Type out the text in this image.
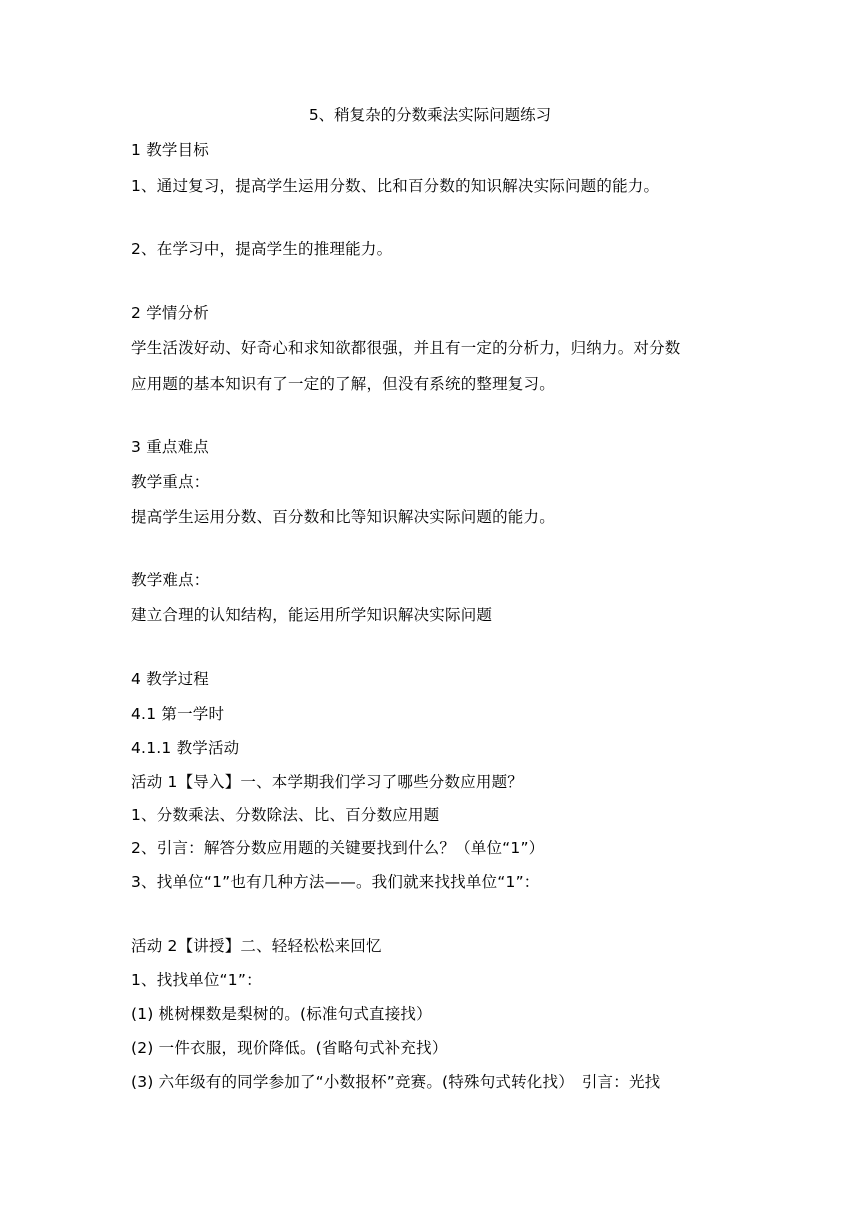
5、稍复杂的分数乘法实际问题练习
1 教学目标
1、通过复习，提高学生运用分数、比和百分数的知识解决实际问题的能力。
2、在学习中，提高学生的推理能力。
2 学情分析
学生活泼好动、好奇心和求知欲都很强，并且有一定的分析力，归纳力。对分数
应用题的基本知识有了一定的了解，但没有系统的整理复习。
3 重点难点
教学重点：
提高学生运用分数、百分数和比等知识解决实际问题的能力。
教学难点：
建立合理的认知结构，能运用所学知识解决实际问题
4 教学过程
4.1 第一学时
4.1.1 教学活动
活动 1【导入】一、本学期我们学习了哪些分数应用题？
1、分数乘法、分数除法、比、百分数应用题
2、引言：解答分数应用题的关键要找到什么？（单位“1”）
3、找单位“1”也有几种方法——。我们就来找找单位“1”：
活动 2【讲授】二、轻轻松松来回忆
1、找找单位“1”：
(1) 桃树棵数是梨树的。(标准句式直接找）
(2) 一件衣服，现价降低。(省略句式补充找）
(3) 六年级有的同学参加了“小数报杯”竞赛。(特殊句式转化找）　引言：光找
